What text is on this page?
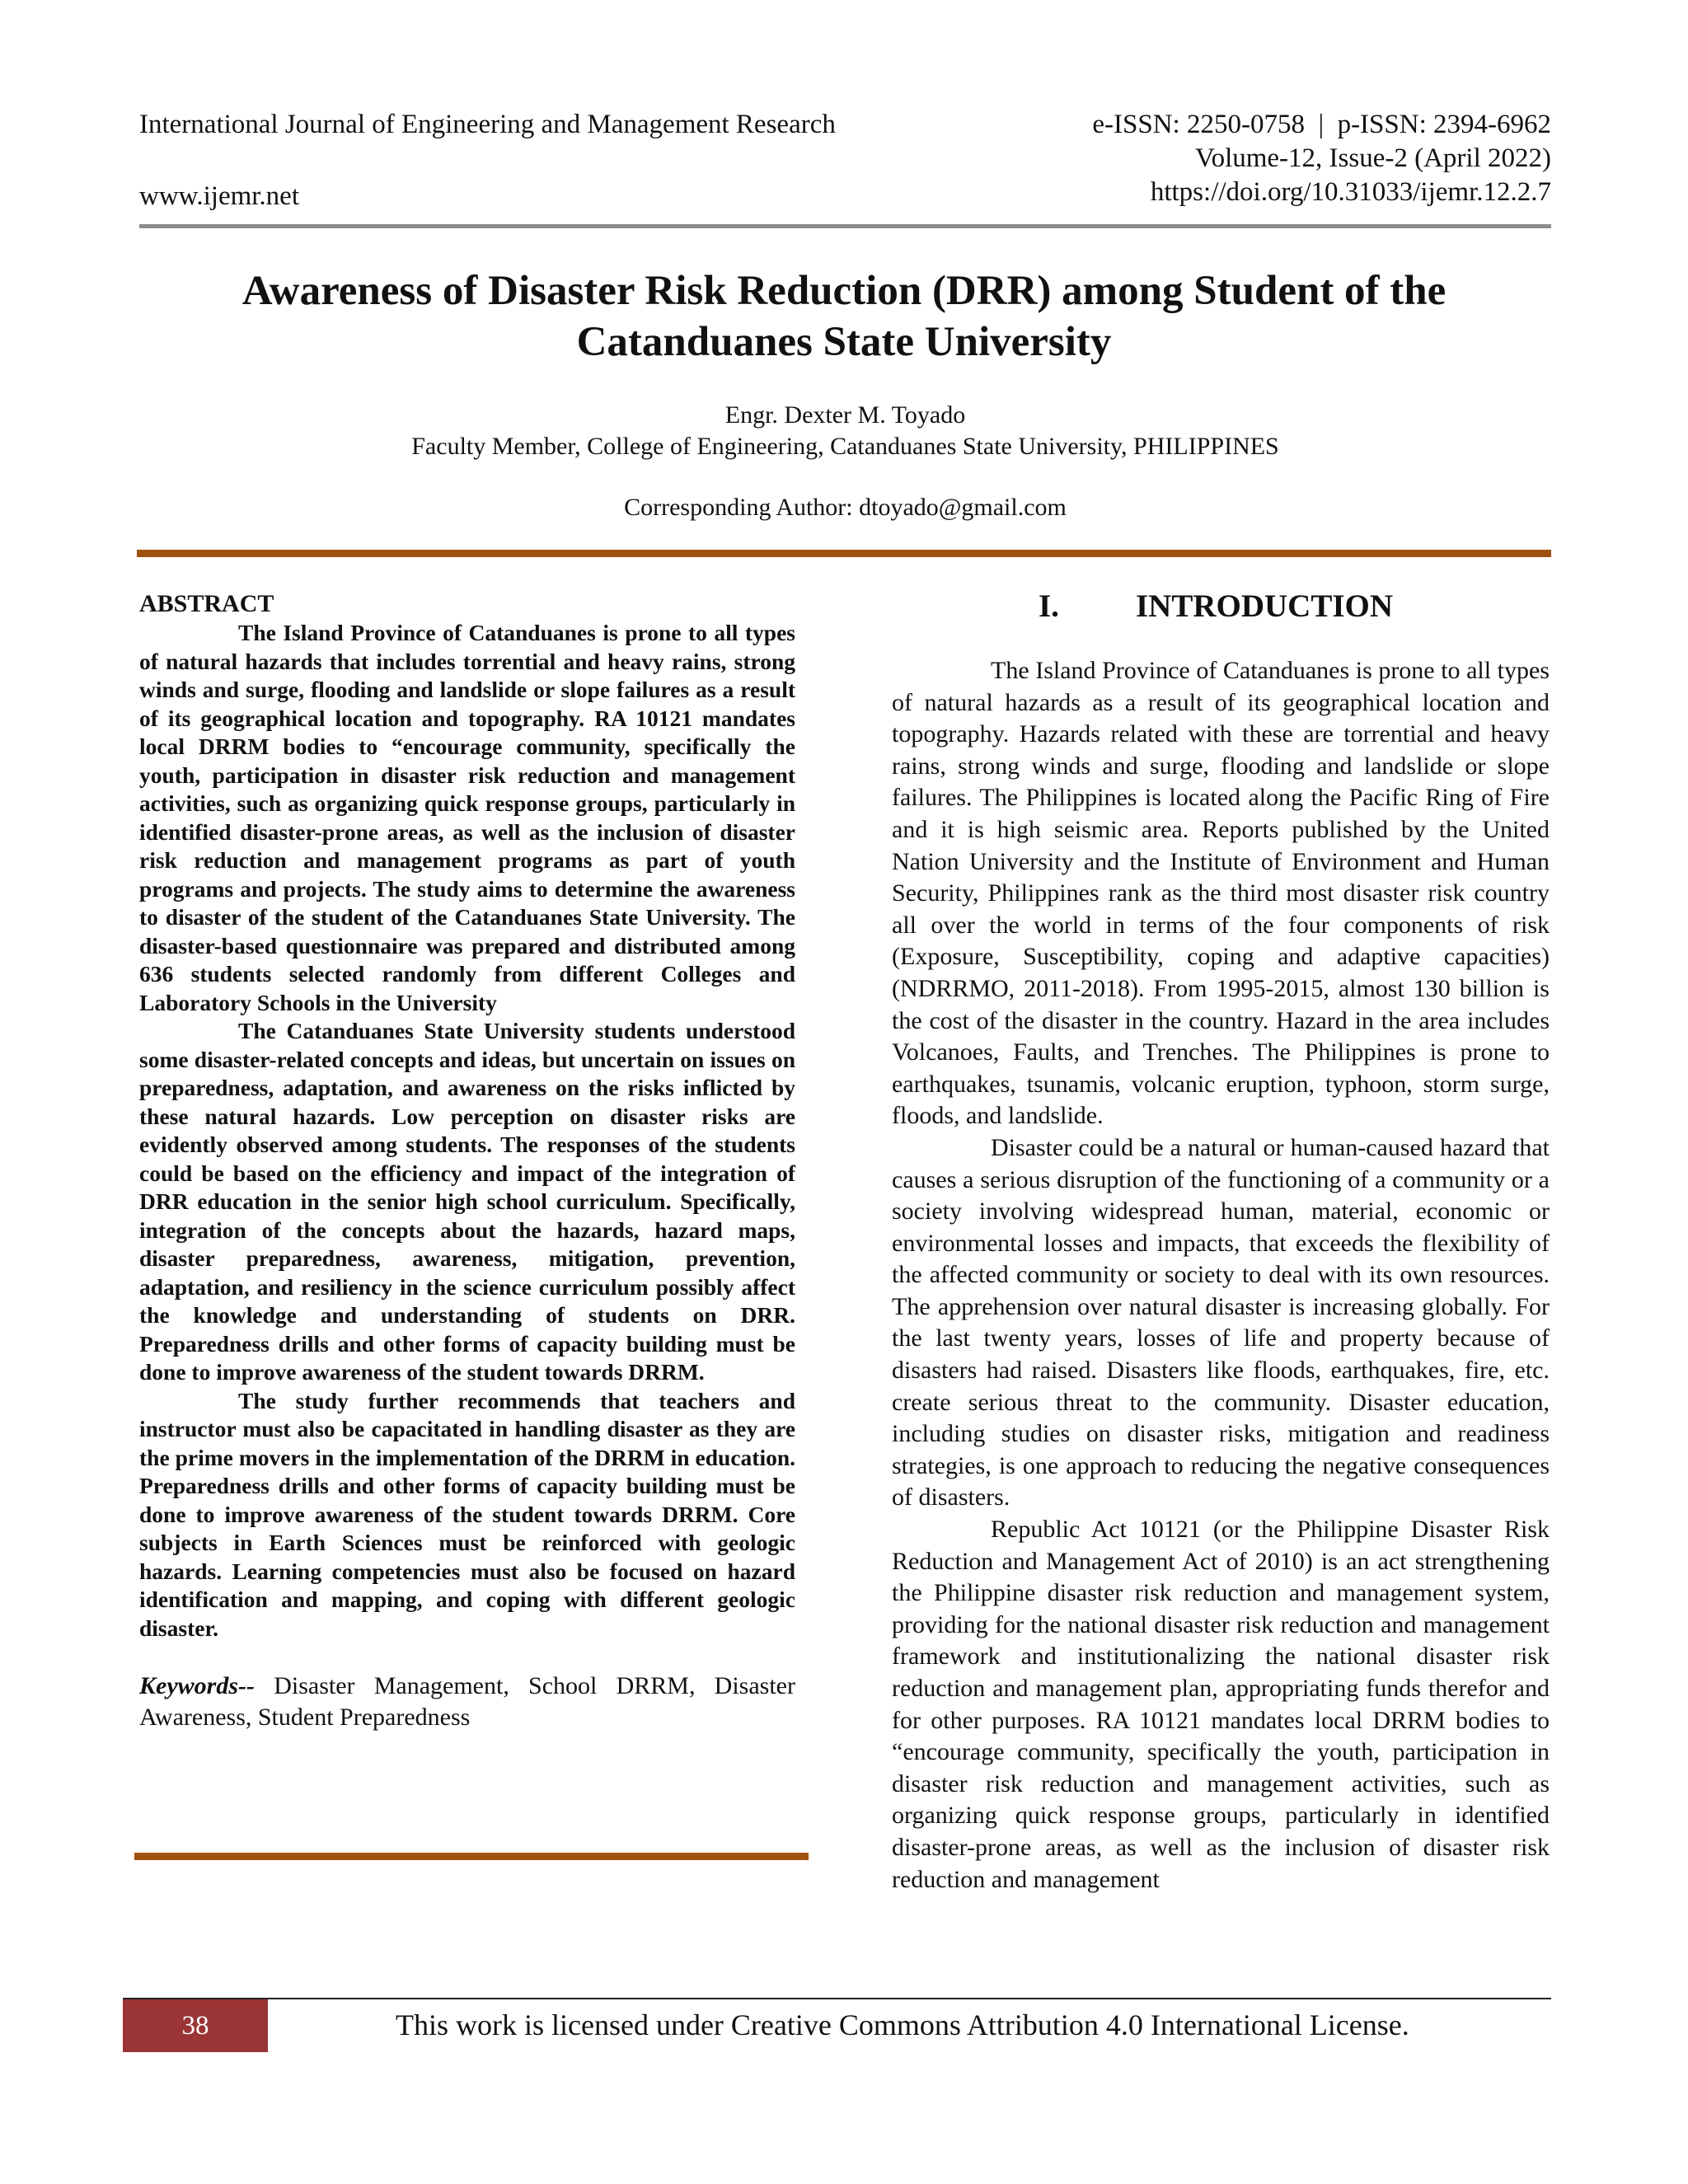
International Journal of Engineering and Management Research
www.ijemr.net
e-ISSN: 2250-0758  |  p-ISSN: 2394-6962
Volume-12, Issue-2 (April 2022)
https://doi.org/10.31033/ijemr.12.2.7
Awareness of Disaster Risk Reduction (DRR) among Student of the
Catanduanes State University
Engr. Dexter M. Toyado
Faculty Member, College of Engineering, Catanduanes State University, PHILIPPINES
Corresponding Author: dtoyado@gmail.com

ABSTRACT

The Island Province of Catanduanes is prone to all types of natural hazards that includes torrential and heavy rains, strong winds and surge, flooding and landslide or slope failures as a result of its geographical location and topography. RA 10121 mandates local DRRM bodies to “encourage community, specifically the youth, participation in disaster risk reduction and management activities, such as organizing quick response groups, particularly in identified disaster-prone areas, as well as the inclusion of disaster risk reduction and management programs as part of youth programs and projects. The study aims to determine the awareness to disaster of the student of the Catanduanes State University. The disaster-based questionnaire was prepared and distributed among 636 students selected randomly from different Colleges and Laboratory Schools in the University

The Catanduanes State University students understood some disaster-related concepts and ideas, but uncertain on issues on preparedness, adaptation, and awareness on the risks inflicted by these natural hazards. Low perception on disaster risks are evidently observed among students. The responses of the students could be based on the efficiency and impact of the integration of DRR education in the senior high school curriculum. Specifically, integration of the concepts about the hazards, hazard maps, disaster preparedness, awareness, mitigation, prevention, adaptation, and resiliency in the science curriculum possibly affect the knowledge and understanding of students on DRR. Preparedness drills and other forms of capacity building must be done to improve awareness of the student towards DRRM.

The study further recommends that teachers and instructor must also be capacitated in handling disaster as they are the prime movers in the implementation of the DRRM in education. Preparedness drills and other forms of capacity building must be done to improve awareness of the student towards DRRM. Core subjects in Earth Sciences must be reinforced with geologic hazards. Learning competencies must also be focused on hazard identification and mapping, and coping with different geologic disaster.

Keywords-- Disaster Management, School DRRM, Disaster Awareness, Student Preparedness

I. INTRODUCTION

The Island Province of Catanduanes is prone to all types of natural hazards as a result of its geographical location and topography. Hazards related with these are torrential and heavy rains, strong winds and surge, flooding and landslide or slope failures. The Philippines is located along the Pacific Ring of Fire and it is high seismic area. Reports published by the United Nation University and the Institute of Environment and Human Security, Philippines rank as the third most disaster risk country all over the world in terms of the four components of risk (Exposure, Susceptibility, coping and adaptive capacities) (NDRRMO, 2011-2018). From 1995-2015, almost 130 billion is the cost of the disaster in the country. Hazard in the area includes Volcanoes, Faults, and Trenches. The Philippines is prone to earthquakes, tsunamis, volcanic eruption, typhoon, storm surge, floods, and landslide.

Disaster could be a natural or human-caused hazard that causes a serious disruption of the functioning of a community or a society involving widespread human, material, economic or environmental losses and impacts, that exceeds the flexibility of the affected community or society to deal with its own resources. The apprehension over natural disaster is increasing globally. For the last twenty years, losses of life and property because of disasters had raised. Disasters like floods, earthquakes, fire, etc. create serious threat to the community. Disaster education, including studies on disaster risks, mitigation and readiness strategies, is one approach to reducing the negative consequences of disasters.

Republic Act 10121 (or the Philippine Disaster Risk Reduction and Management Act of 2010) is an act strengthening the Philippine disaster risk reduction and management system, providing for the national disaster risk reduction and management framework and institutionalizing the national disaster risk reduction and management plan, appropriating funds therefor and for other purposes. RA 10121 mandates local DRRM bodies to “encourage community, specifically the youth, participation in disaster risk reduction and management activities, such as organizing quick response groups, particularly in identified disaster-prone areas, as well as the inclusion of disaster risk reduction and management

38	This work is licensed under Creative Commons Attribution 4.0 International License.
